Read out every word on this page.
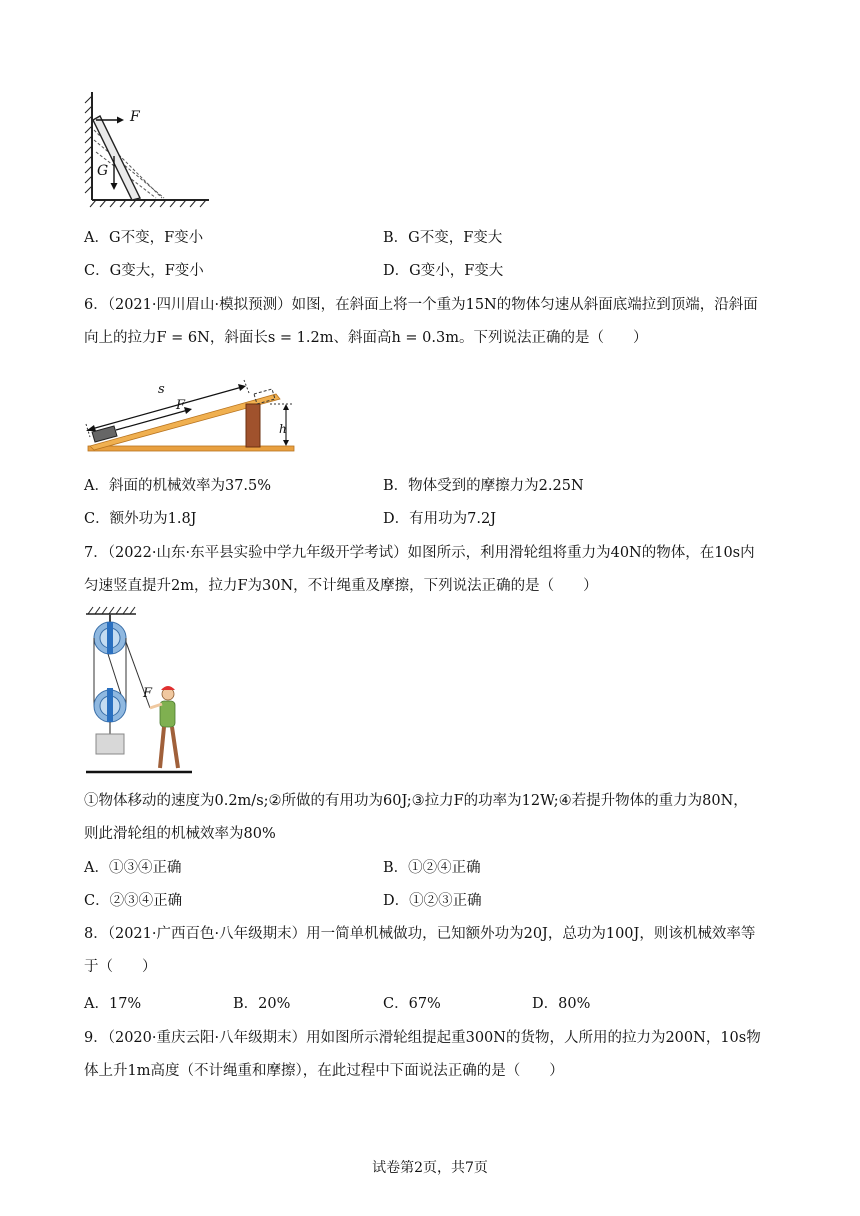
F
G
A．G不变，F变小	B．G不变，F变大
C．G变大，F变小	D．G变小，F变大
6．（2021·四川眉山·模拟预测）如图，在斜面上将一个重为15N的物体匀速从斜面底端拉到顶端，沿斜面
向上的拉力F = 6N，斜面长s = 1.2m、斜面高h = 0.3m。下列说法正确的是（　　）
s
F
h
A．斜面的机械效率为37.5%	B．物体受到的摩擦力为2.25N
C．额外功为1.8J	D．有用功为7.2J
7．（2022·山东·东平县实验中学九年级开学考试）如图所示，利用滑轮组将重力为40N的物体，在10s内
匀速竖直提升2m，拉力F为30N，不计绳重及摩擦，下列说法正确的是（　　）
F
①物体移动的速度为0.2m/s;②所做的有用功为60J;③拉力F的功率为12W;④若提升物体的重力为80N，
则此滑轮组的机械效率为80%
A．①③④正确	B．①②④正确
C．②③④正确	D．①②③正确
8．（2021·广西百色·八年级期末）用一简单机械做功，已知额外功为20J，总功为100J，则该机械效率等
于（　　）
A．17%	B．20%	C．67%	D．80%
9．（2020·重庆云阳·八年级期末）用如图所示滑轮组提起重300N的货物，人所用的拉力为200N，10s物
体上升1m高度（不计绳重和摩擦），在此过程中下面说法正确的是（　　）
试卷第2页，共7页
